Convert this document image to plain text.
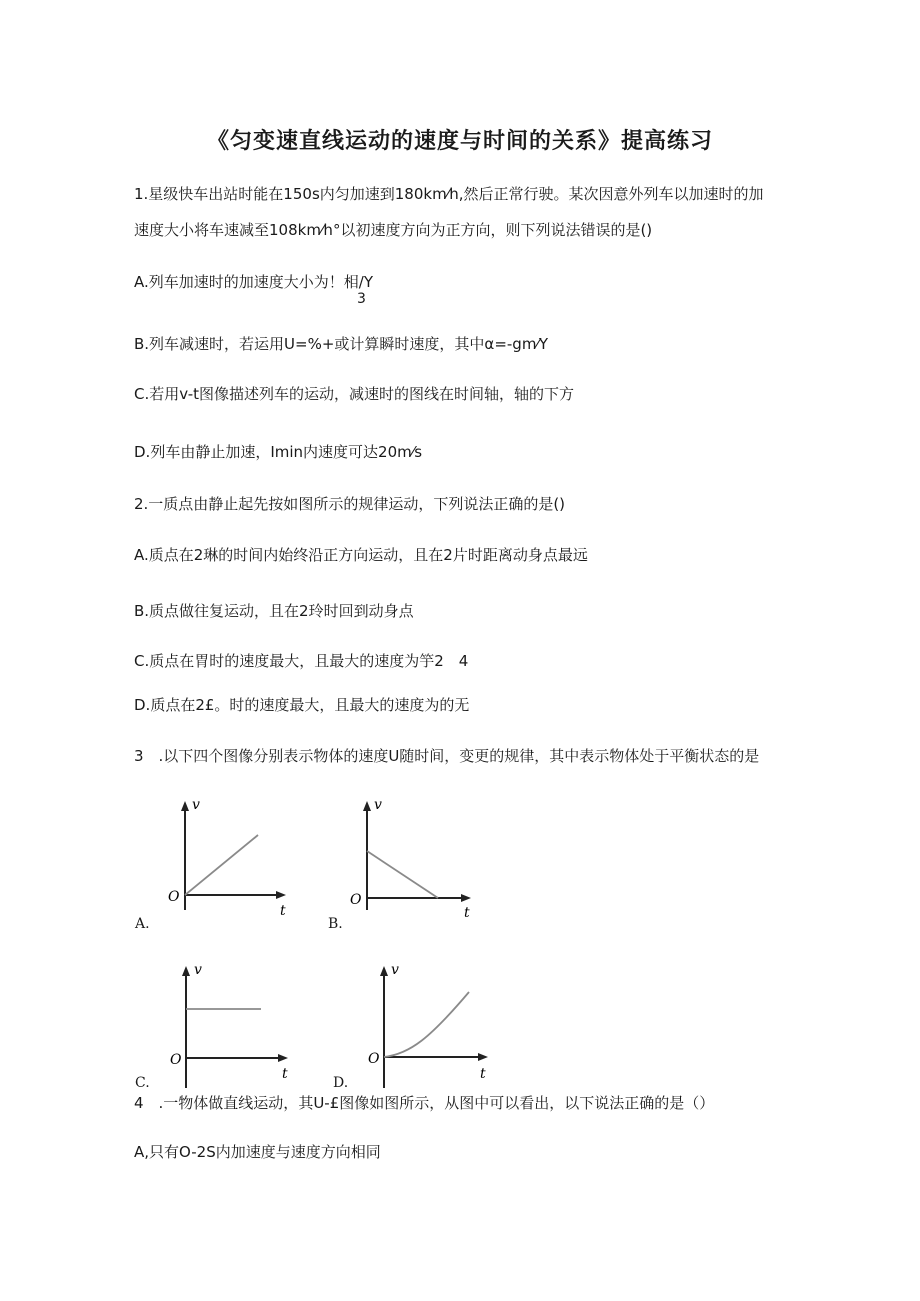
《匀变速直线运动的速度与时间的关系》提高练习
1.星级快车出站时能在150s内匀加速到180km⁄h,然后正常行驶。某次因意外列车以加速时的加
速度大小将车速减至108km⁄h°以初速度方向为正方向，则下列说法错误的是()
A.列车加速时的加速度大小为！相/Y
3
B.列车减速时，若运用U=%+或计算瞬时速度，其中α=-gm⁄Y
C.若用v-t图像描述列车的运动，减速时的图线在时间轴，轴的下方
D.列车由静止加速，Imin内速度可达20m⁄s
2.一质点由静止起先按如图所示的规律运动，下列说法正确的是()
A.质点在2琳的时间内始终沿正方向运动，且在2片时距离动身点最远
B.质点做往复运动，且在2玲时回到动身点
C.质点在胃时的速度最大，且最大的速度为竽2　4
D.质点在2£。时的速度最大，且最大的速度为的无
3　.以下四个图像分别表示物体的速度U随时间，变更的规律，其中表示物体处于平衡状态的是
v
t
O
A.
v
t
O
B.
v
t
O
C.
v
t
O
D.
4　.一物体做直线运动，其U-£图像如图所示，从图中可以看出，以下说法正确的是（）
A,只有O-2S内加速度与速度方向相同
